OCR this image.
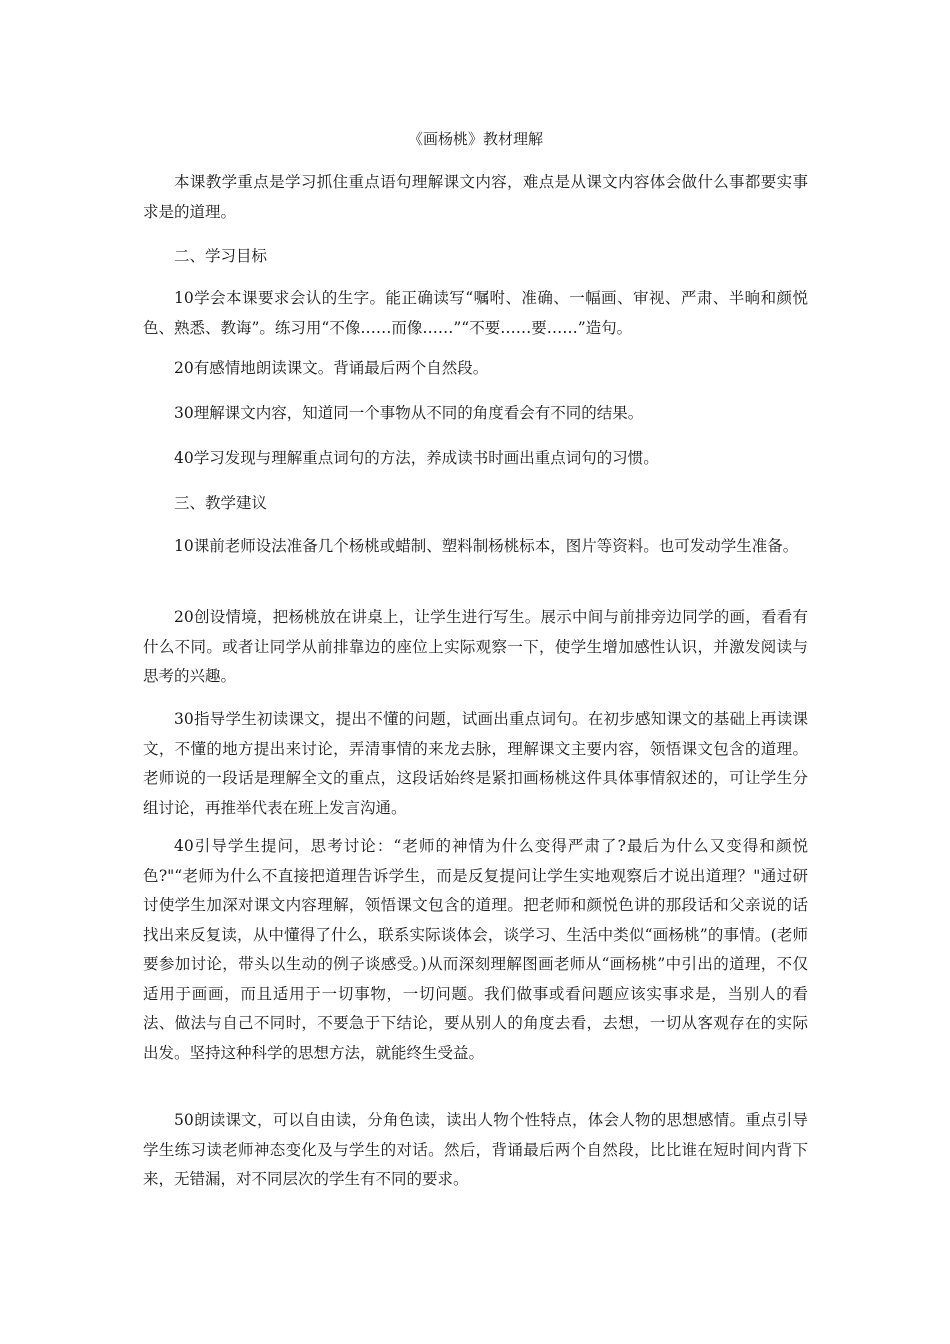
《画杨桃》教材理解

本课教学重点是学习抓住重点语句理解课文内容，难点是从课文内容体会做什么事都要实事求是的道理。

二、学习目标

10学会本课要求会认的生字。能正确读写“嘱咐、准确、一幅画、审视、严肃、半晌和颜悦色、熟悉、教诲”。练习用“不像……而像……”“不要……要……”造句。

20有感情地朗读课文。背诵最后两个自然段。

30理解课文内容，知道同一个事物从不同的角度看会有不同的结果。

40学习发现与理解重点词句的方法，养成读书时画出重点词句的习惯。

三、教学建议

10课前老师设法准备几个杨桃或蜡制、塑料制杨桃标本，图片等资料。也可发动学生准备。

20创设情境，把杨桃放在讲桌上，让学生进行写生。展示中间与前排旁边同学的画，看看有什么不同。或者让同学从前排靠边的座位上实际观察一下，使学生增加感性认识，并激发阅读与思考的兴趣。

30指导学生初读课文，提出不懂的问题，试画出重点词句。在初步感知课文的基础上再读课文，不懂的地方提出来讨论，弄清事情的来龙去脉，理解课文主要内容，领悟课文包含的道理。老师说的一段话是理解全文的重点，这段话始终是紧扣画杨桃这件具体事情叙述的，可让学生分组讨论，再推举代表在班上发言沟通。

40引导学生提问，思考讨论：“老师的神情为什么变得严肃了?最后为什么又变得和颜悦色?"“老师为什么不直接把道理告诉学生，而是反复提问让学生实地观察后才说出道理？"通过研讨使学生加深对课文内容理解，领悟课文包含的道理。把老师和颜悦色讲的那段话和父亲说的话找出来反复读，从中懂得了什么，联系实际谈体会，谈学习、生活中类似“画杨桃”的事情。(老师要参加讨论，带头以生动的例子谈感受。)从而深刻理解图画老师从“画杨桃”中引出的道理，不仅适用于画画，而且适用于一切事物，一切问题。我们做事或看问题应该实事求是，当别人的看法、做法与自己不同时，不要急于下结论，要从别人的角度去看，去想，一切从客观存在的实际出发。坚持这种科学的思想方法，就能终生受益。

50朗读课文，可以自由读，分角色读，读出人物个性特点，体会人物的思想感情。重点引导学生练习读老师神态变化及与学生的对话。然后，背诵最后两个自然段，比比谁在短时间内背下来，无错漏，对不同层次的学生有不同的要求。
